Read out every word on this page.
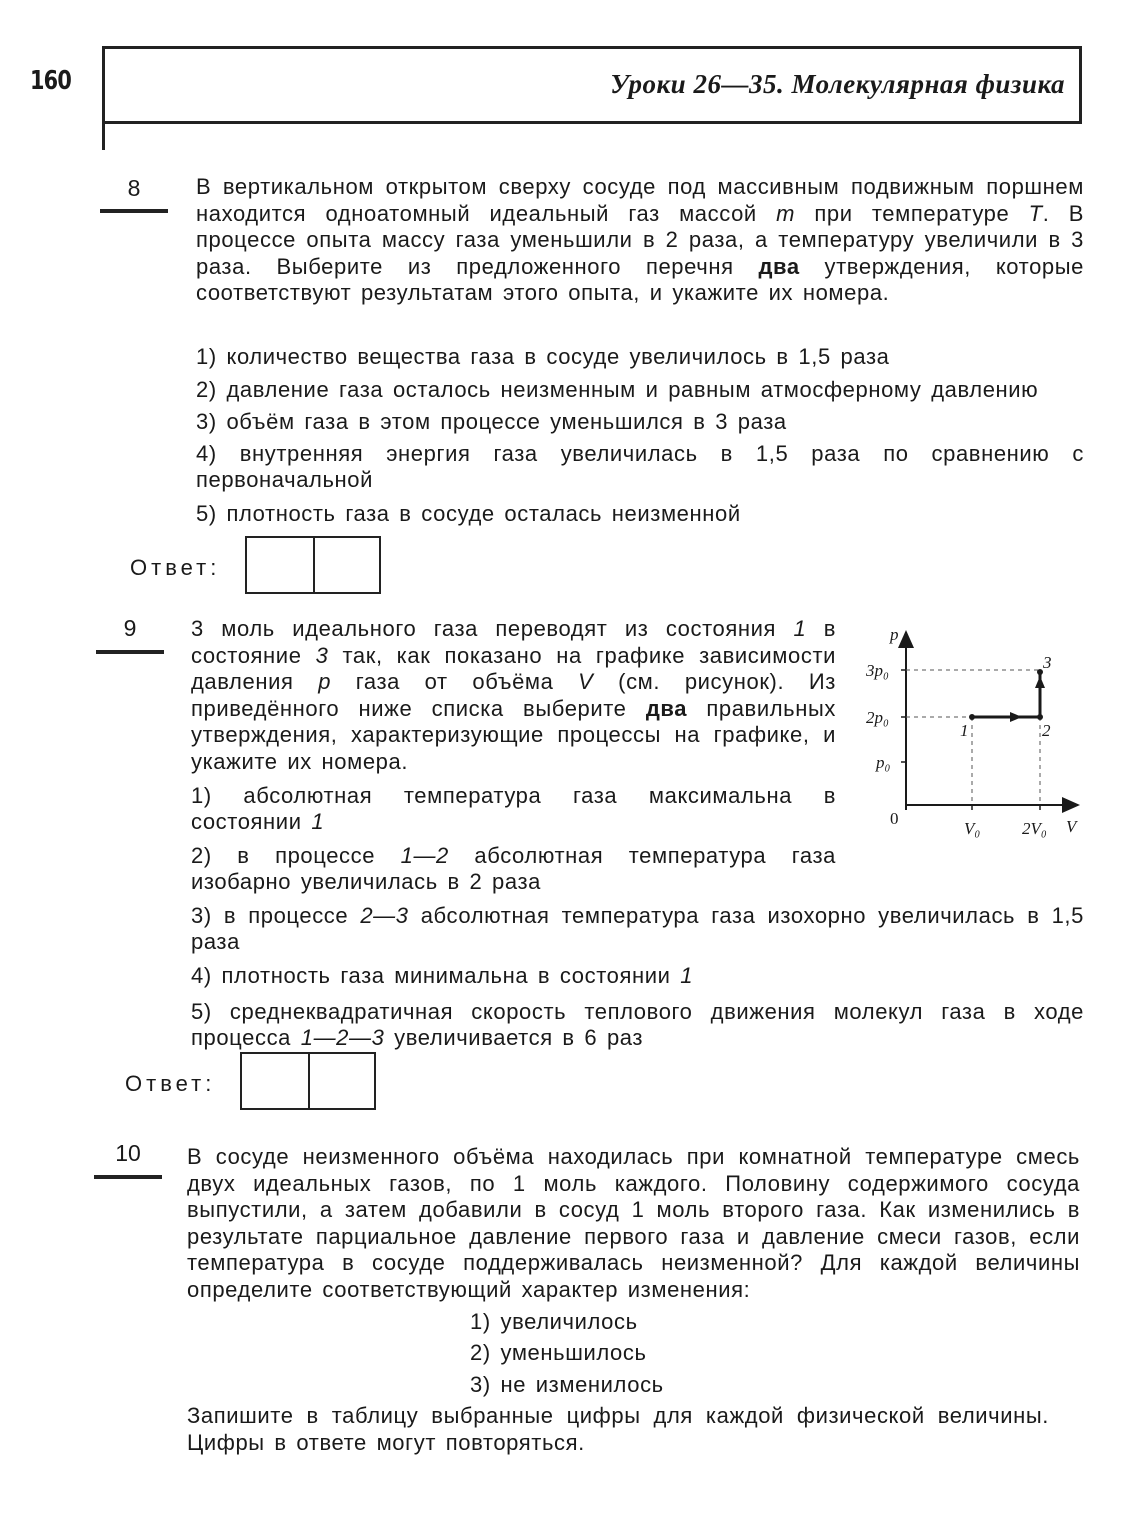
160	Уроки 26—35. Молекулярная физика
8	В вертикальном открытом сверху сосуде под массивным подвижным поршнем находится одноатомный идеальный газ массой m при температуре T. В процессе опыта массу газа уменьшили в 2 раза, а температуру увеличили в 3 раза. Выберите из предложенного перечня два утверждения, которые соответствуют результатам этого опыта, и укажите их номера.
1) количество вещества газа в сосуде увеличилось в 1,5 раза
2) давление газа осталось неизменным и равным атмосферному давлению
3) объём газа в этом процессе уменьшился в 3 раза
4) внутренняя энергия газа увеличилась в 1,5 раза по сравнению с первоначальной
5) плотность газа в сосуде осталась неизменной
Ответ:
9	3 моль идеального газа переводят из состояния 1 в состояние 3 так, как показано на графике зависимости давления p газа от объёма V (см. рисунок). Из приведённого ниже списка выберите два правильных утверждения, характеризующие процессы на графике, и укажите их номера.
1) абсолютная температура газа максимальна в состоянии 1
2) в процессе 1—2 абсолютная температура газа изобарно увеличилась в 2 раза
3) в процессе 2—3 абсолютная температура газа изохорно увеличилась в 1,5 раза
4) плотность газа минимальна в состоянии 1
5) среднеквадратичная скорость теплового движения молекул газа в ходе процесса 1—2—3 увеличивается в 6 раз
Ответ:
p
V
0
3p₀
2p₀
p₀
V₀ 2V₀
1	2
3
10	В сосуде неизменного объёма находилась при комнатной температуре смесь двух идеальных газов, по 1 моль каждого. Половину содержимого сосуда выпустили, а затем добавили в сосуд 1 моль второго газа. Как изменились в результате парциальное давление первого газа и давление смеси газов, если температура в сосуде поддерживалась неизменной? Для каждой величины определите соответствующий характер изменения:
1) увеличилось
2) уменьшилось
3) не изменилось
Запишите в таблицу выбранные цифры для каждой физической величины. Цифры в ответе могут повторяться.
